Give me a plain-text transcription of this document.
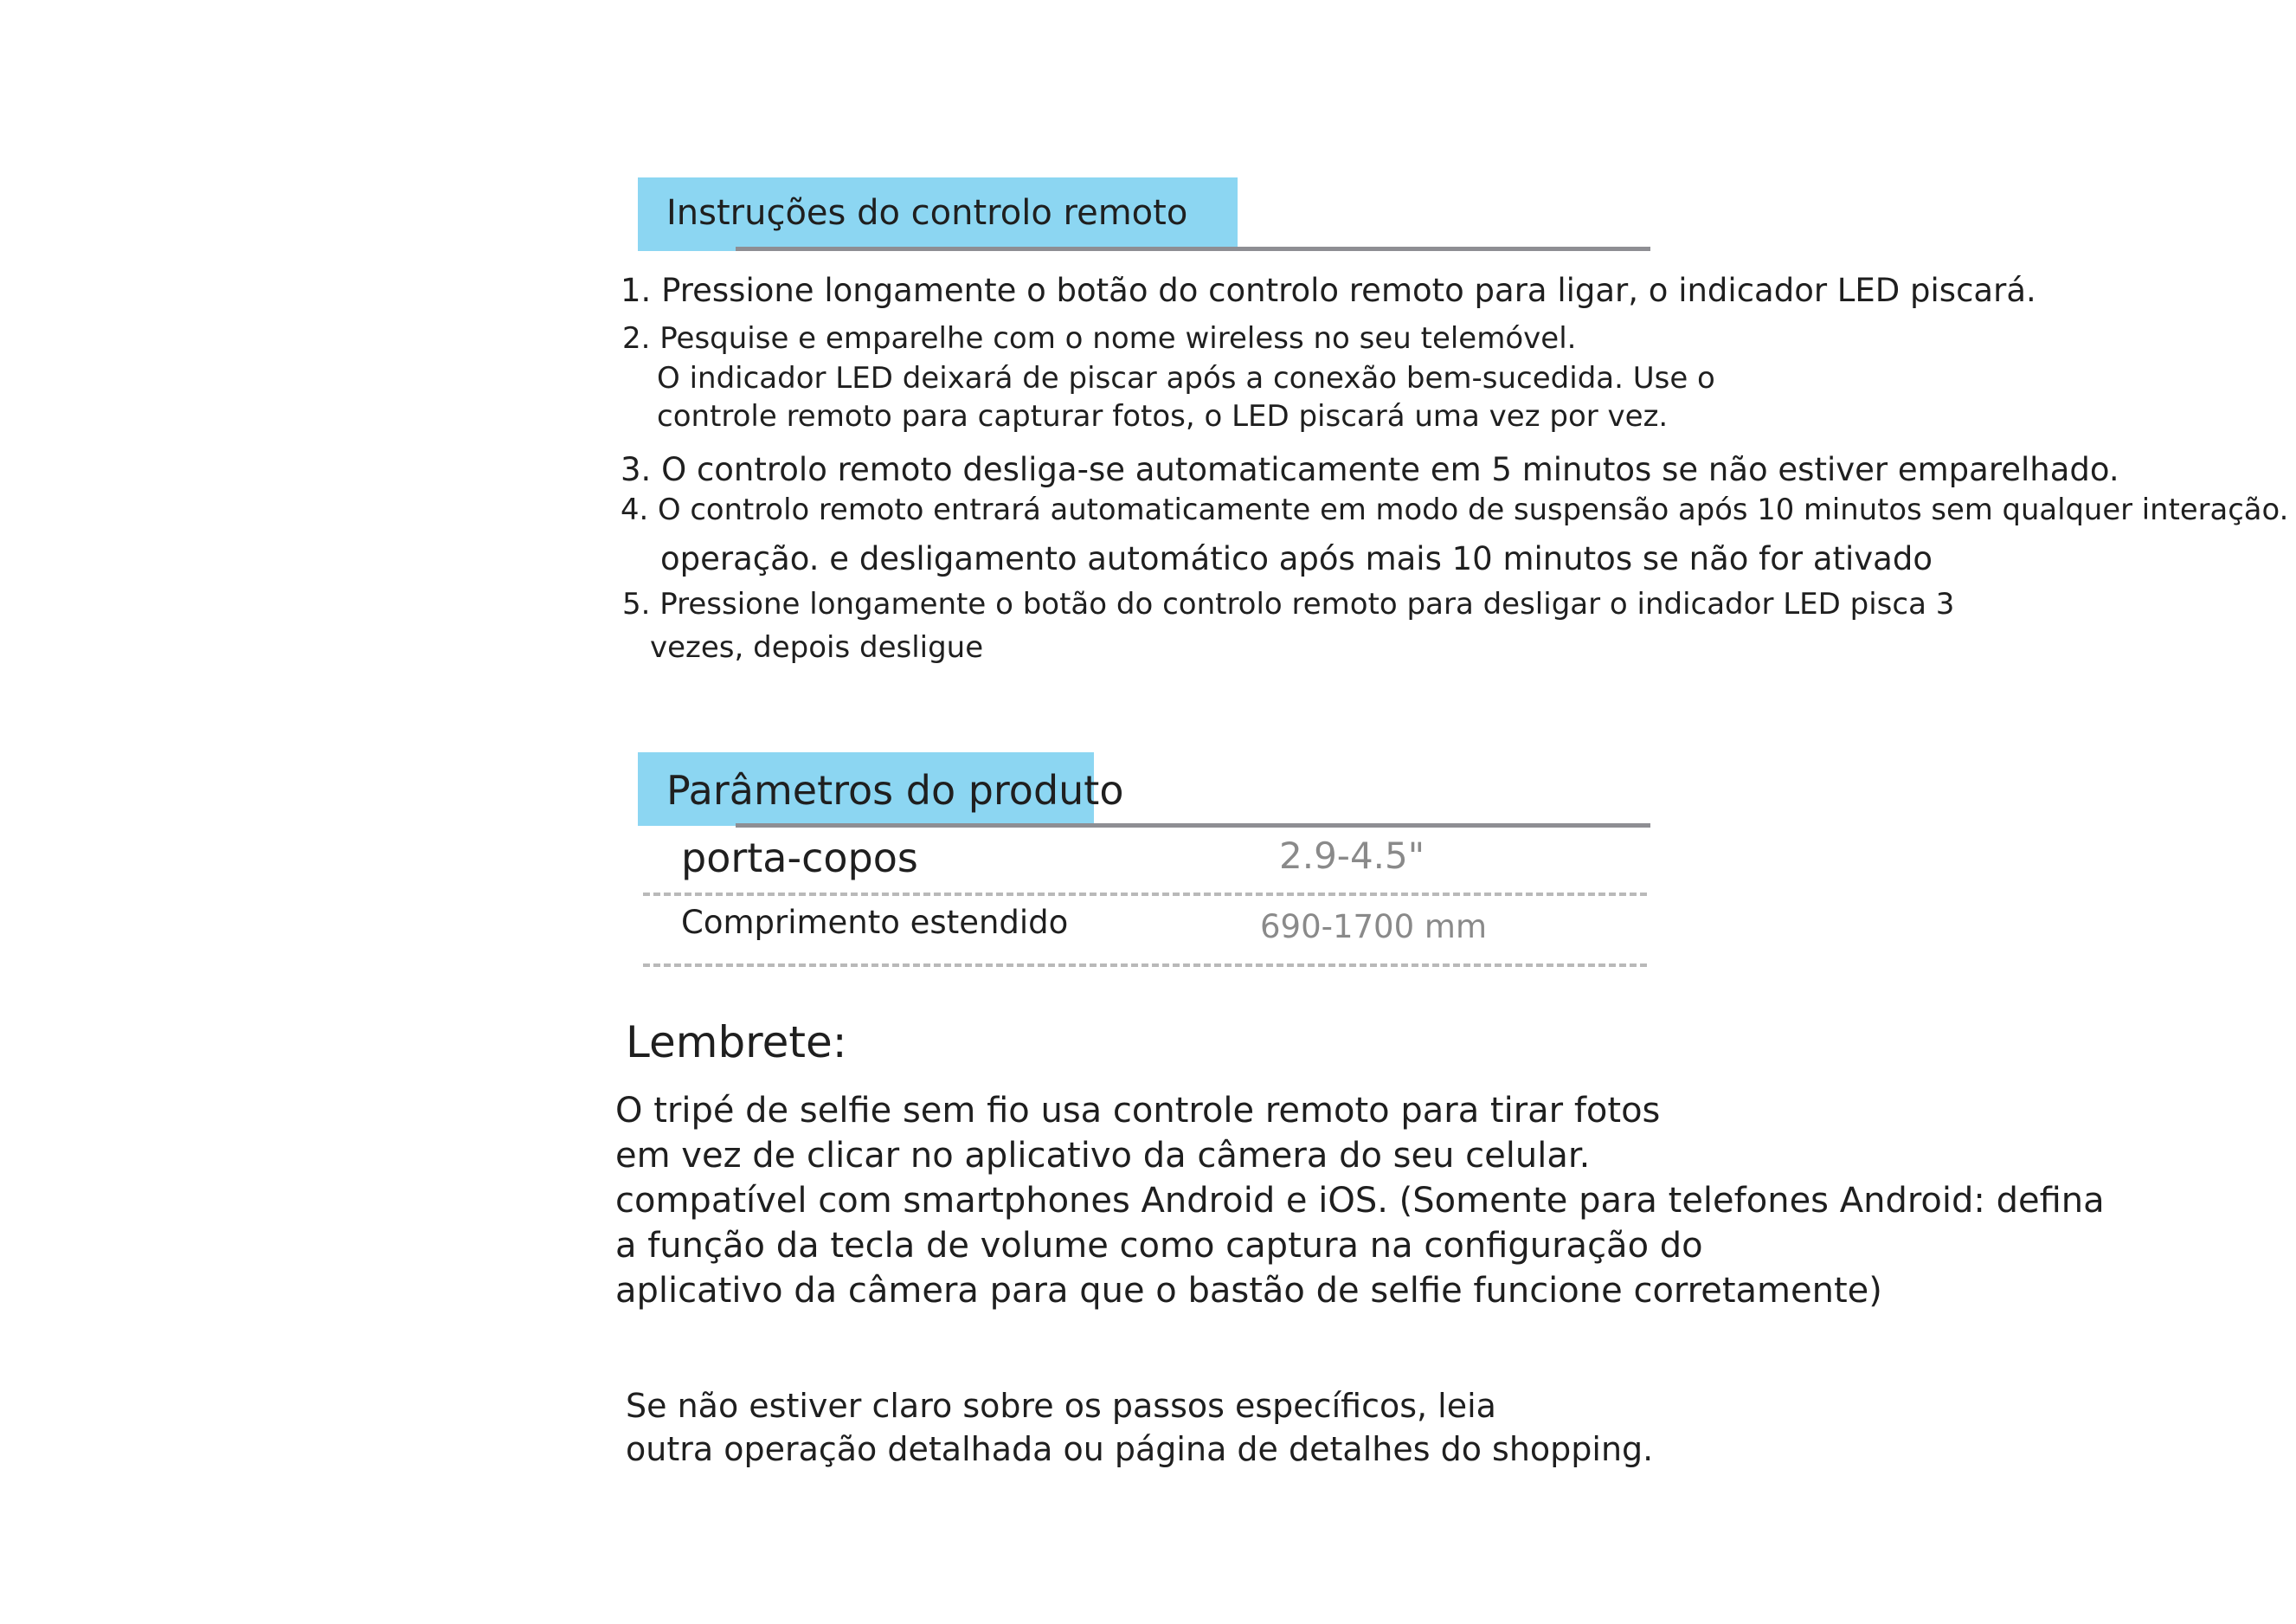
Instruções do controlo remoto
1. Pressione longamente o botão do controlo remoto para ligar, o indicador LED piscará.
2. Pesquise e emparelhe com o nome wireless no seu telemóvel.
O indicador LED deixará de piscar após a conexão bem-sucedida. Use o
controle remoto para capturar fotos, o LED piscará uma vez por vez.
3. O controlo remoto desliga-se automaticamente em 5 minutos se não estiver emparelhado.
4. O controlo remoto entrará automaticamente em modo de suspensão após 10 minutos sem qualquer interação.
operação. e desligamento automático após mais 10 minutos se não for ativado
5. Pressione longamente o botão do controlo remoto para desligar o indicador LED pisca 3
vezes, depois desligue
Parâmetros do produto
porta-copos	2.9-4.5"
Comprimento estendido	690-1700 mm
Lembrete:
O tripé de selfie sem fio usa controle remoto para tirar fotos
em vez de clicar no aplicativo da câmera do seu celular.
compatível com smartphones Android e iOS. (Somente para telefones Android: defina
a função da tecla de volume como captura na configuração do
aplicativo da câmera para que o bastão de selfie funcione corretamente)
Se não estiver claro sobre os passos específicos, leia
outra operação detalhada ou página de detalhes do shopping.
